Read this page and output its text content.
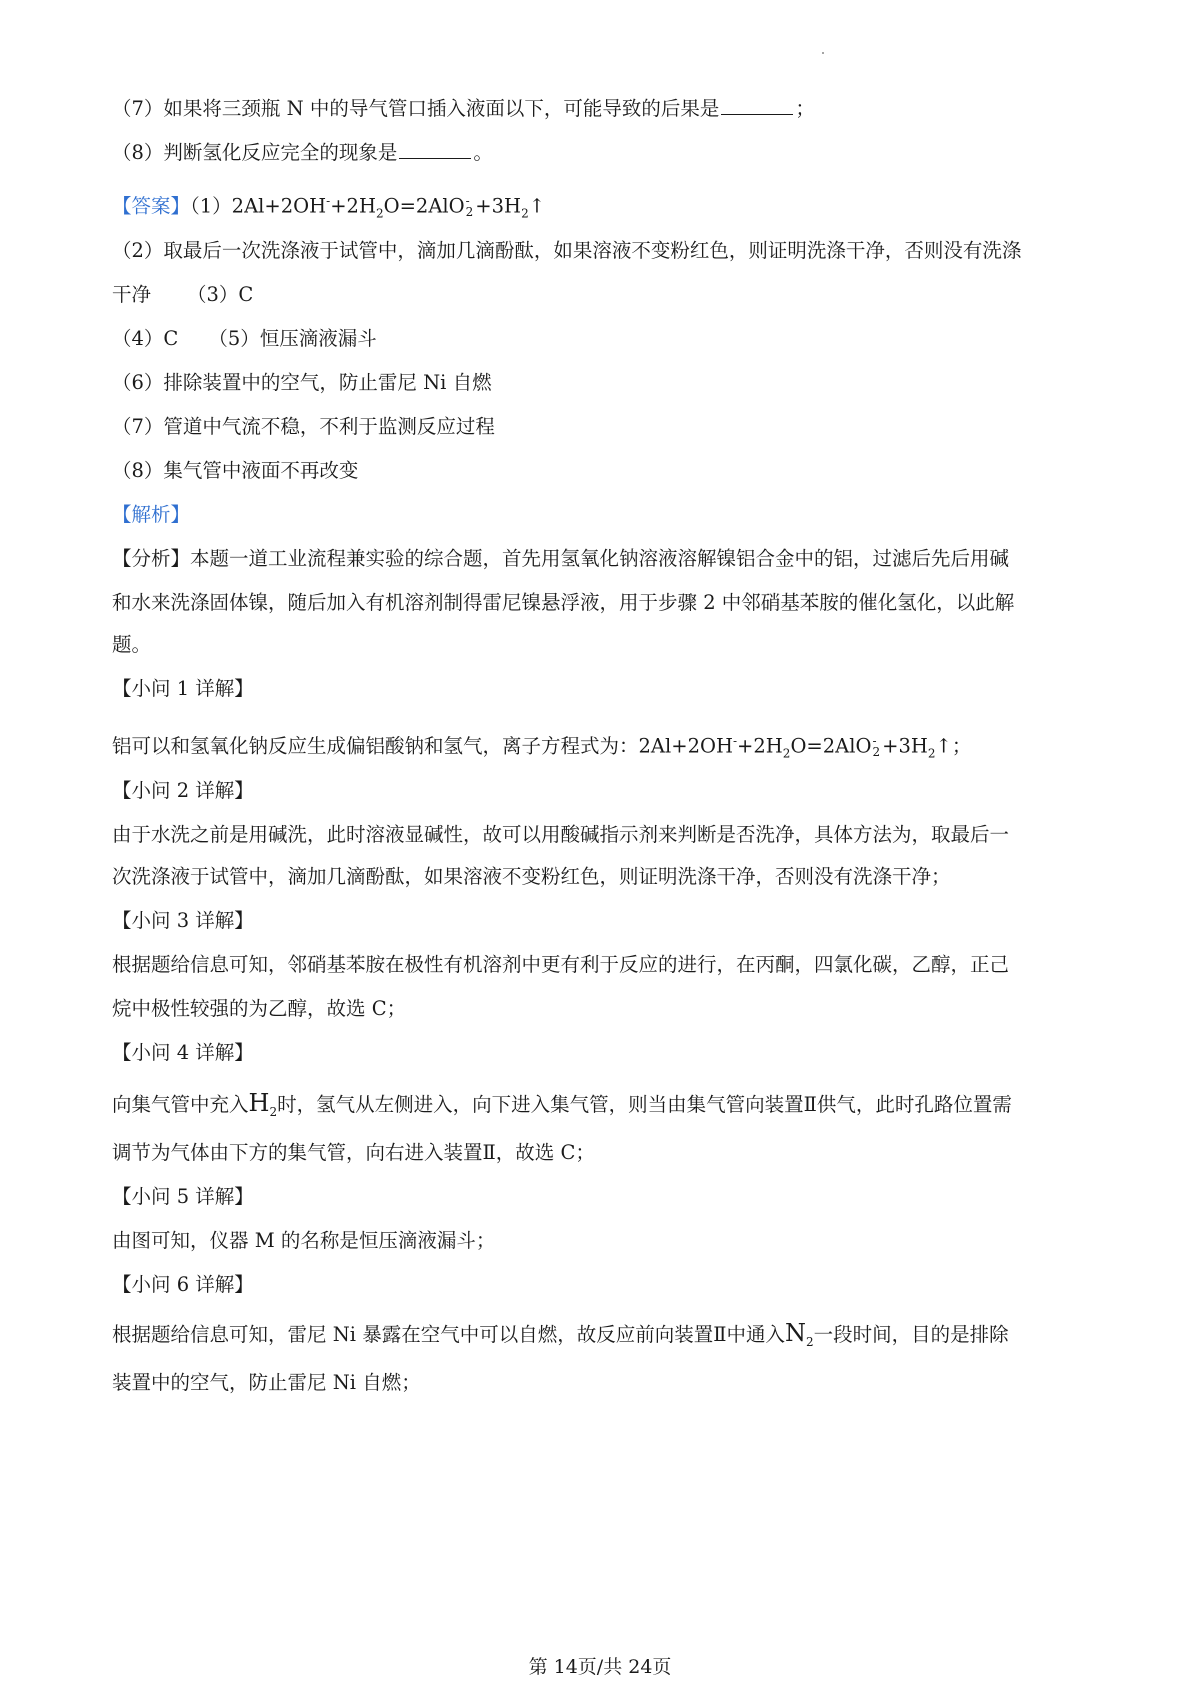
（7）如果将三颈瓶 N 中的导气管口插入液面以下，可能导致的后果是	；
（8）判断氢化反应完全的现象是	。
【答案】$(1)2Al+2OH^-+2H_2O=2AlO$ -
$2 +3H_2↑$
（2）取最后一次洗涤液于试管中，滴加几滴酚酞，如果溶液不变粉红色，则证明洗涤干净，否则没有洗涤
干净 （3）C
（4）C （5）恒压滴液漏斗
（6）排除装置中的空气，防止雷尼 Ni 自燃
（7）管道中气流不稳，不利于监测反应过程
（8）集气管中液面不再改变
【解析】
【分析】本题一道工业流程兼实验的综合题，首先用氢氧化钠溶液溶解镍铝合金中的铝，过滤后先后用碱
和水来洗涤固体镍，随后加入有机溶剂制得雷尼镍悬浮液，用于步骤 2 中邻硝基苯胺的催化氢化，以此解
题。
【小问 1 详解】
铝可以和氢氧化钠反应生成偏铝酸钠和氢气，离子方程式为：$2Al+2OH^-+2H_2O=2AlO$ -
$2 +3H_2↑$；
【小问 2 详解】
由于水洗之前是用碱洗，此时溶液显碱性，故可以用酸碱指示剂来判断是否洗净，具体方法为，取最后一
次洗涤液于试管中，滴加几滴酚酞，如果溶液不变粉红色，则证明洗涤干净，否则没有洗涤干净；
【小问 3 详解】
根据题给信息可知，邻硝基苯胺在极性有机溶剂中更有利于反应的进行，在丙酮，四氯化碳，乙醇，正己
烷中极性较强的为乙醇，故选 C；
【小问 4 详解】
向集气管中充入$H_2$时，氢气从左侧进入，向下进入集气管，则当由集气管向装置Ⅱ供气，此时孔路位置需
调节为气体由下方的集气管，向右进入装置Ⅱ，故选 C；
【小问 5 详解】
由图可知，仪器 M 的名称是恒压滴液漏斗；
【小问 6 详解】
根据题给信息可知，雷尼 Ni 暴露在空气中可以自燃，故反应前向装置Ⅱ中通入$N_2$一段时间，目的是排除
装置中的空气，防止雷尼 Ni 自燃；
第 14页/共 24页
